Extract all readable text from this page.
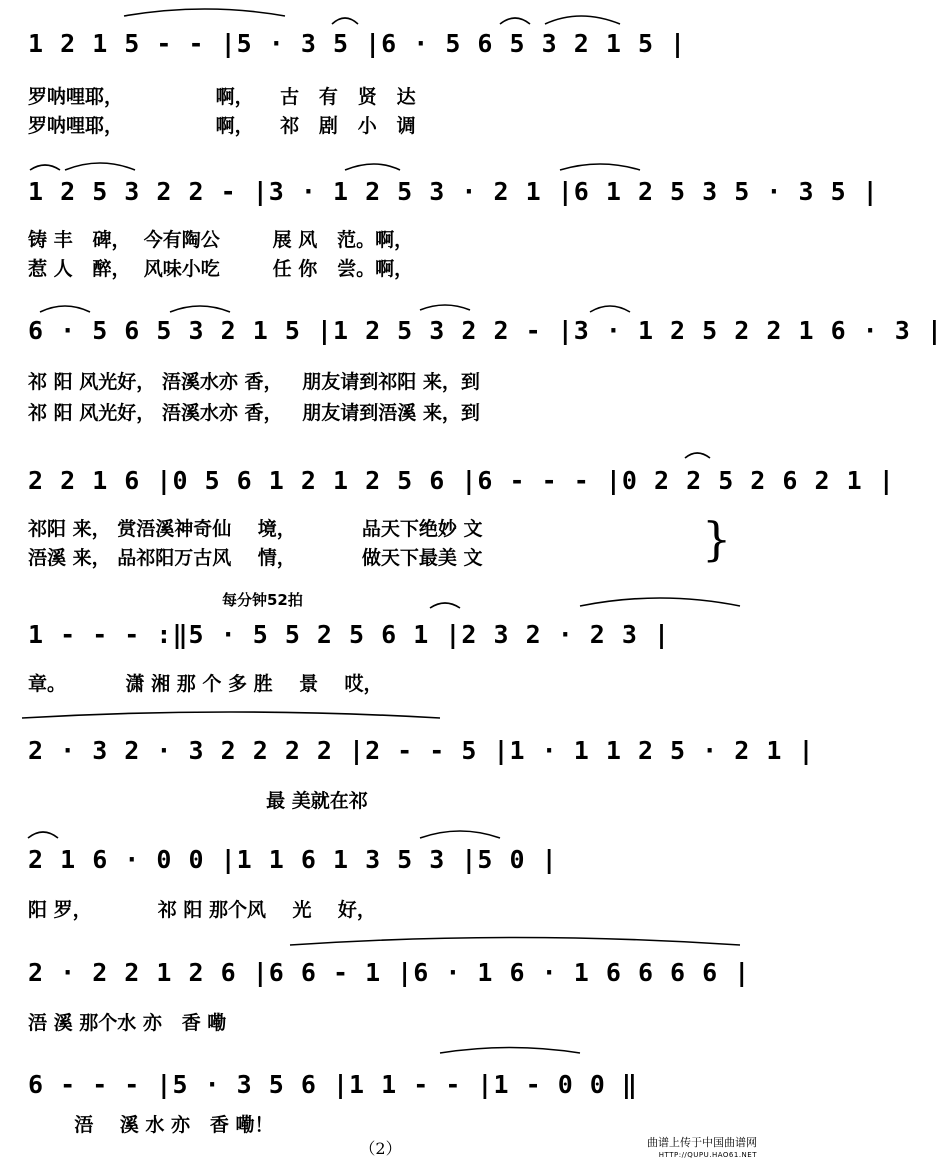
1 2 1 5 - - |5 · 3 5 |6 · 5 6 5 3 2 1 5 |
罗呐哩耶，              啊，    古   有   贤   达
罗呐哩耶，              啊，    祁   剧   小   调
1 2 5 3 2 2 - |3 · 1 2 5 3 · 2 1 |6 1 2 5 3 5 · 3 5 |
铸 丰   碑，  今有陶公        展 风   范。啊，
惹 人   醉，  风味小吃        任 你   尝。啊，
6 · 5 6 5 3 2 1 5 |1 2 5 3 2 2 - |3 · 1 2 5 2 2 1 6 · 3 |
祁 阳 风光好， 浯溪水亦 香，   朋友请到祁阳 来，到
祁 阳 风光好， 浯溪水亦 香，   朋友请到浯溪 来，到
2 2 1 6 |0 5 6 1 2 1 2 5 6 |6 - - - |0 2 2 5 2 6 2 1 |
祁阳 来， 赏浯溪神奇仙    境，          品天下绝妙 文
浯溪 来， 品祁阳万古风    情，          做天下最美 文	}
每分钟52拍
1 - - - :‖5 · 5 5 2 5 6 1 |2 3 2 · 2 3 |
章。         潇 湘 那 个 多 胜    景    哎，
2 · 3 2 · 3 2 2 2 2 |2 - - 5 |1 · 1 1 2 5 · 2 1 |
最 美就在祁
2 1 6 · 0 0 |1 1 6 1 3 5 3 |5 0 |
阳 罗，          祁 阳 那个风    光    好，
2 · 2 2 1 2 6 |6 6 - 1 |6 · 1 6 · 1 6 6 6 6 |
浯 溪 那个水 亦   香 嘞
6 - - - |5 · 3 5 6 |1 1 - - |1 - 0 0 ‖
浯    溪 水 亦   香 嘞！
（2）	曲谱上传于中国曲谱网
HTTP://QUPU.HAO61.NET
